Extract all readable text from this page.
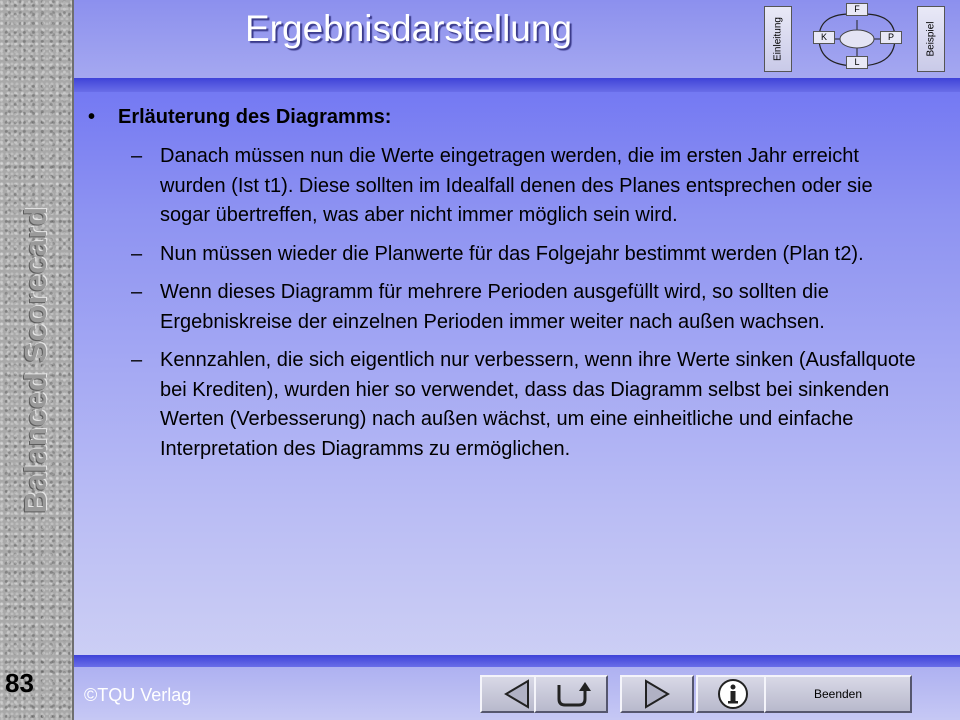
Balanced Scorecard
83
Ergebnisdarstellung	Einleitung	Beispiel
F
K	P
L
• Erläuterung des Diagramms:
– Danach müssen nun die Werte eingetragen werden, die im ersten Jahr erreicht wurden (Ist t1). Diese sollten im Idealfall denen des Planes entsprechen oder sie sogar übertreffen, was aber nicht immer möglich sein wird.
– Nun müssen wieder die Planwerte für das Folgejahr bestimmt werden (Plan t2).
– Wenn dieses Diagramm für mehrere Perioden ausgefüllt wird, so sollten die Ergebniskreise der einzelnen Perioden immer weiter nach außen wachsen.
– Kennzahlen, die sich eigentlich nur verbessern, wenn ihre Werte sinken (Ausfallquote bei Krediten), wurden hier so verwendet, dass das Diagramm selbst bei sinkenden Werten (Verbesserung) nach außen wächst, um eine einheitliche und einfache Interpretation des Diagramms zu ermöglichen.
©TQU Verlag	Beenden
